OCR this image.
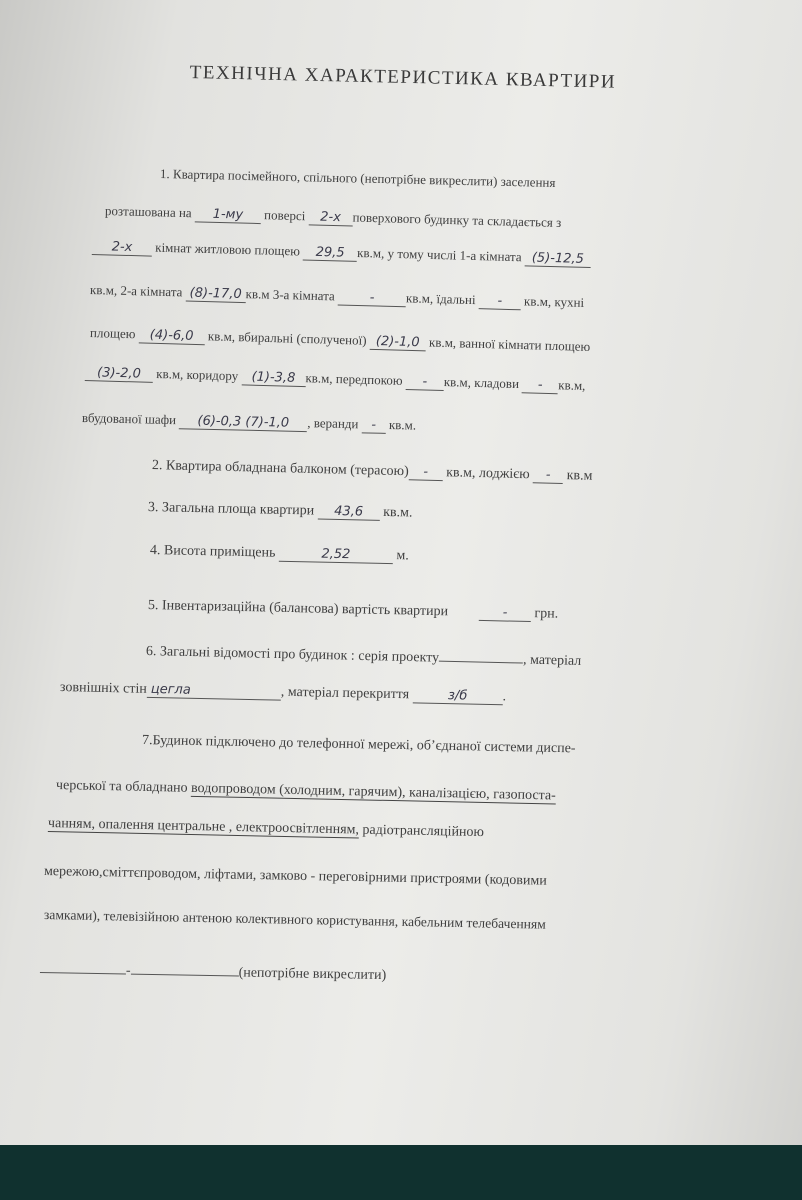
ТЕХНІЧНА ХАРАКТЕРИСТИКА КВАРТИРИ
1. Квартира посімейного, спільного (непотрібне викреслити) заселення
розташована на 1-му поверсі 2-х поверхового будинку та складається з
2-х кімнат житловою площею 29,5 кв.м, у тому числі 1-а кімната (5)-12,5
кв.м, 2-а кімната (8)-17,0 кв.м 3-а кімната	- кв.м, їдальні - кв.м, кухні
площею (4)-6,0 кв.м, вбиральні (сполученої) (2)-1,0 кв.м, ванної кімнати площею
(3)-2,0 кв.м, коридору (1)-3,8 кв.м, передпокою - кв.м, кладови - кв.м,
вбудованої шафи (6)-0,3 (7)-1,0 , веранди - кв.м.
2. Квартира обладнана балконом (терасою) - кв.м, лоджією - кв.м
3. Загальна площа квартири 43,6 кв.м.
4. Висота приміщень	2,52	м.
5. Інвентаризаційна (балансова) вартість квартири	- грн.
6. Загальні відомості про будинок : серія проекту	, матеріал
зовнішніх стін цегла	, матеріал перекриття	з/б	.
7.Будинок підключено до телефонної мережі, об’єднаної системи диспе-
черської та обладнано водопроводом (холодним, гарячим), каналізацією, газопоста-
чанням, опалення центральне , електроосвітленням, радіотрансляційною
мережою,сміттєпроводом, ліфтами, замково - переговірними пристроями (кодовими
замками), телевізійною антеною колективного користування, кабельним телебаченням
-	(непотрібне викреслити)
